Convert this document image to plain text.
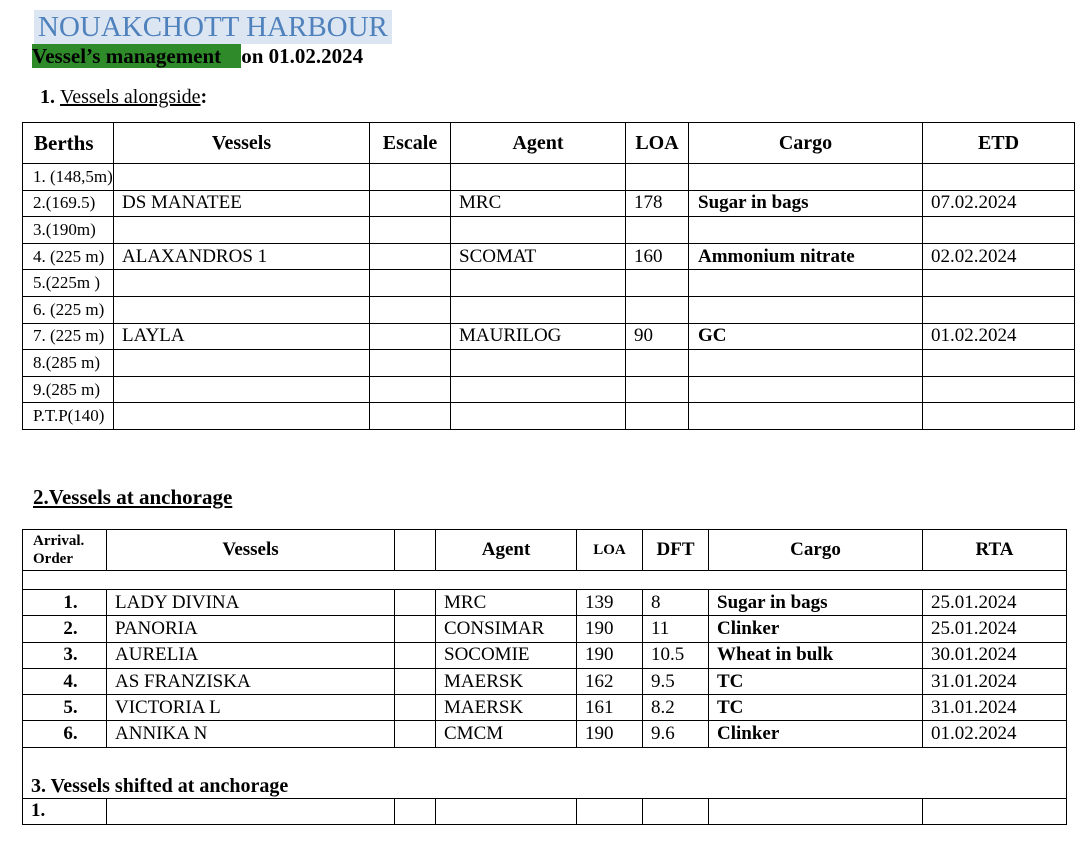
NOUAKCHOTT HARBOUR
Vessel’s management on 01.02.2024
1. Vessels alongside:
Berths	Vessels	Escale	Agent	LOA	Cargo	ETD
1. (148,5m)						
2.(169.5)	DS MANATEE		MRC	178	Sugar in bags	07.02.2024
3.(190m)						
4. (225 m)	ALAXANDROS 1		SCOMAT	160	Ammonium nitrate	02.02.2024
5.(225m )						
6. (225 m)						
7. (225 m)	LAYLA		MAURILOG	90	GC	01.02.2024
8.(285 m)						
9.(285 m)						
P.T.P(140)						
2.Vessels at anchorage
Arrival. Order	Vessels		Agent	LOA	DFT	Cargo	RTA

1.	LADY DIVINA		MRC	139	8	Sugar in bags	25.01.2024
2.	PANORIA		CONSIMAR	190	11	Clinker	25.01.2024
3.	AURELIA		SOCOMIE	190	10.5	Wheat in bulk	30.01.2024
4.	AS FRANZISKA		MAERSK	162	9.5	TC	31.01.2024
5.	VICTORIA L		MAERSK	161	8.2	TC	31.01.2024
6.	ANNIKA N		CMCM	190	9.6	Clinker	01.02.2024

3. Vessels shifted at anchorage							
1.							
